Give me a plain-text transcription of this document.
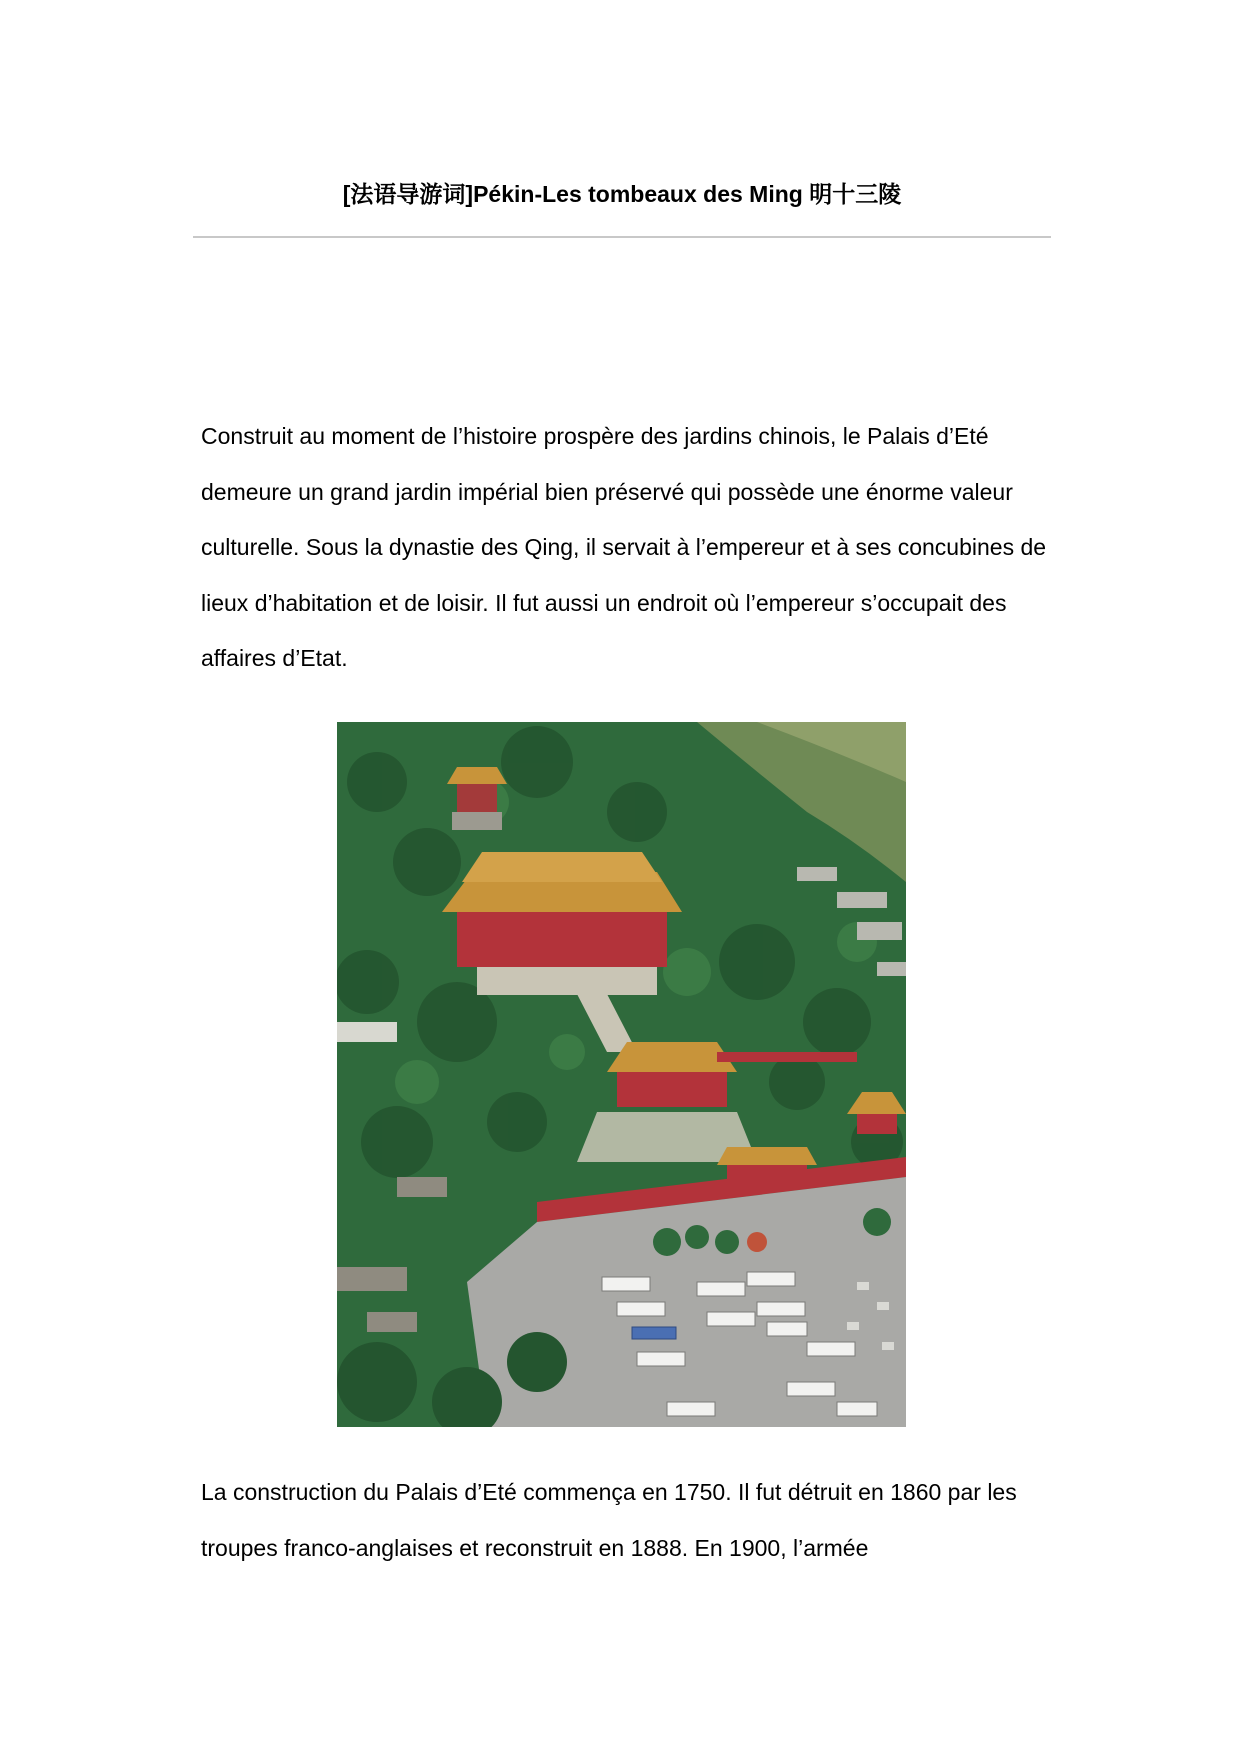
[法语导游词]Pékin-Les tombeaux des Ming 明十三陵

Construit au moment de l’histoire prospère des jardins chinois, le Palais d’Eté demeure un grand jardin impérial bien préservé qui possède une énorme valeur culturelle. Sous la dynastie des Qing, il servait à l’empereur et à ses concubines de lieux d’habitation et de loisir. Il fut aussi un endroit où l’empereur s’occupait des affaires d’Etat.

La construction du Palais d’Eté commença en 1750. Il fut détruit en 1860 par les troupes franco-anglaises et reconstruit en 1888. En 1900, l’armée
